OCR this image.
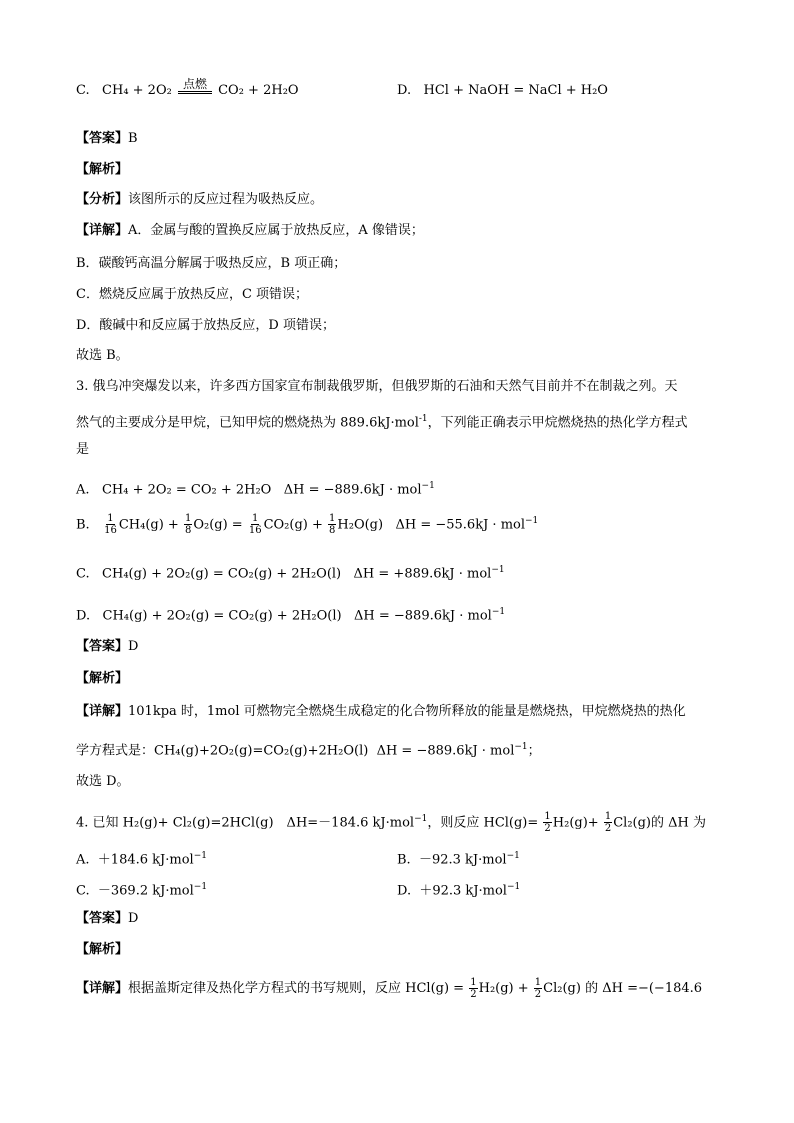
C. CH₄ + 2O₂ 点燃 CO₂ + 2H₂O	D. HCl + NaOH = NaCl + H₂O
【答案】B
【解析】
【分析】该图所示的反应过程为吸热反应。
【详解】A．金属与酸的置换反应属于放热反应，A 像错误；
B．碳酸钙高温分解属于吸热反应，B 项正确；
C．燃烧反应属于放热反应，C 项错误；
D．酸碱中和反应属于放热反应，D 项错误；
故选 B。
3. 俄乌冲突爆发以来，许多西方国家宣布制裁俄罗斯，但俄罗斯的石油和天然气目前并不在制裁之列。天
然气的主要成分是甲烷，已知甲烷的燃烧热为 889.6kJ·mol$^{-1}$，下列能正确表示甲烷燃烧热的热化学方程式
是
A. CH₄ + 2O₂ = CO₂ + 2H₂O ΔH = −889.6kJ · mol$^{-1}$
B. $\frac{1}{16} CH_4(g) + \frac{1}{8} O_2(g) = \frac{1}{16} CO_2(g) + \frac{1}{8} H_2O(g) \Delta H = -55.6kJ \cdot mol^{-1}$
C. CH₄(g) + 2O₂(g) = CO₂(g) + 2H₂O(l) ΔH = +889.6kJ · mol$^{-1}$
D. CH₄(g) + 2O₂(g) = CO₂(g) + 2H₂O(l) ΔH = −889.6kJ · mol$^{-1}$
【答案】D
【解析】
【详解】101kpa 时，1mol 可燃物完全燃烧生成稳定的化合物所释放的能量是燃烧热，甲烷燃烧热的热化
学方程式是：CH₄(g)+2O₂(g)=CO₂(g)+2H₂O(l) ΔH = −889.6kJ · mol$^{-1}$；
故选 D。
4. 已知 H₂(g)+ Cl₂(g)=2HCl(g)　ΔH=－184.6 kJ·mol$^{-1}$，则反应 $HCl(g)= \frac{1}{2} H_2(g)+ \frac{1}{2} Cl_2(g)$的 ΔH 为
A. ＋184.6 kJ·mol$^{-1}$	B. －92.3 kJ·mol$^{-1}$
C. －369.2 kJ·mol$^{-1}$	D. ＋92.3 kJ·mol$^{-1}$
【答案】D
【解析】
【详解】根据盖斯定律及热化学方程式的书写规则，反应 $HCl(g) = \frac{1}{2} H_2(g) + \frac{1}{2} Cl_2(g)$ 的 ΔH =−(−184.6
